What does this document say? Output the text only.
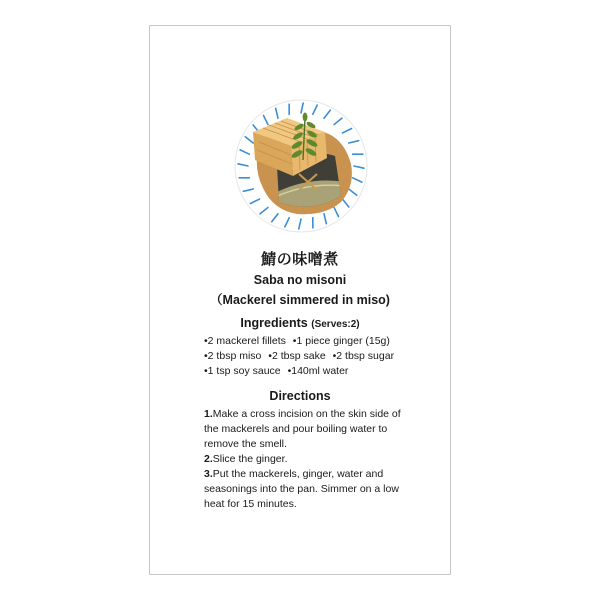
鯖の味噌煮
Saba no misoni
（Mackerel simmered in miso)
Ingredients (Serves:2)
•2 mackerel fillets •1 piece ginger (15g)
•2 tbsp miso •2 tbsp sake •2 tbsp sugar
•1 tsp soy sauce •140ml water
Directions
1.Make a cross incision on the skin side of the mackerels and pour boiling water to remove the smell.
2.Slice the ginger.
3.Put the mackerels, ginger, water and seasonings into the pan. Simmer on a low heat for 15 minutes.
